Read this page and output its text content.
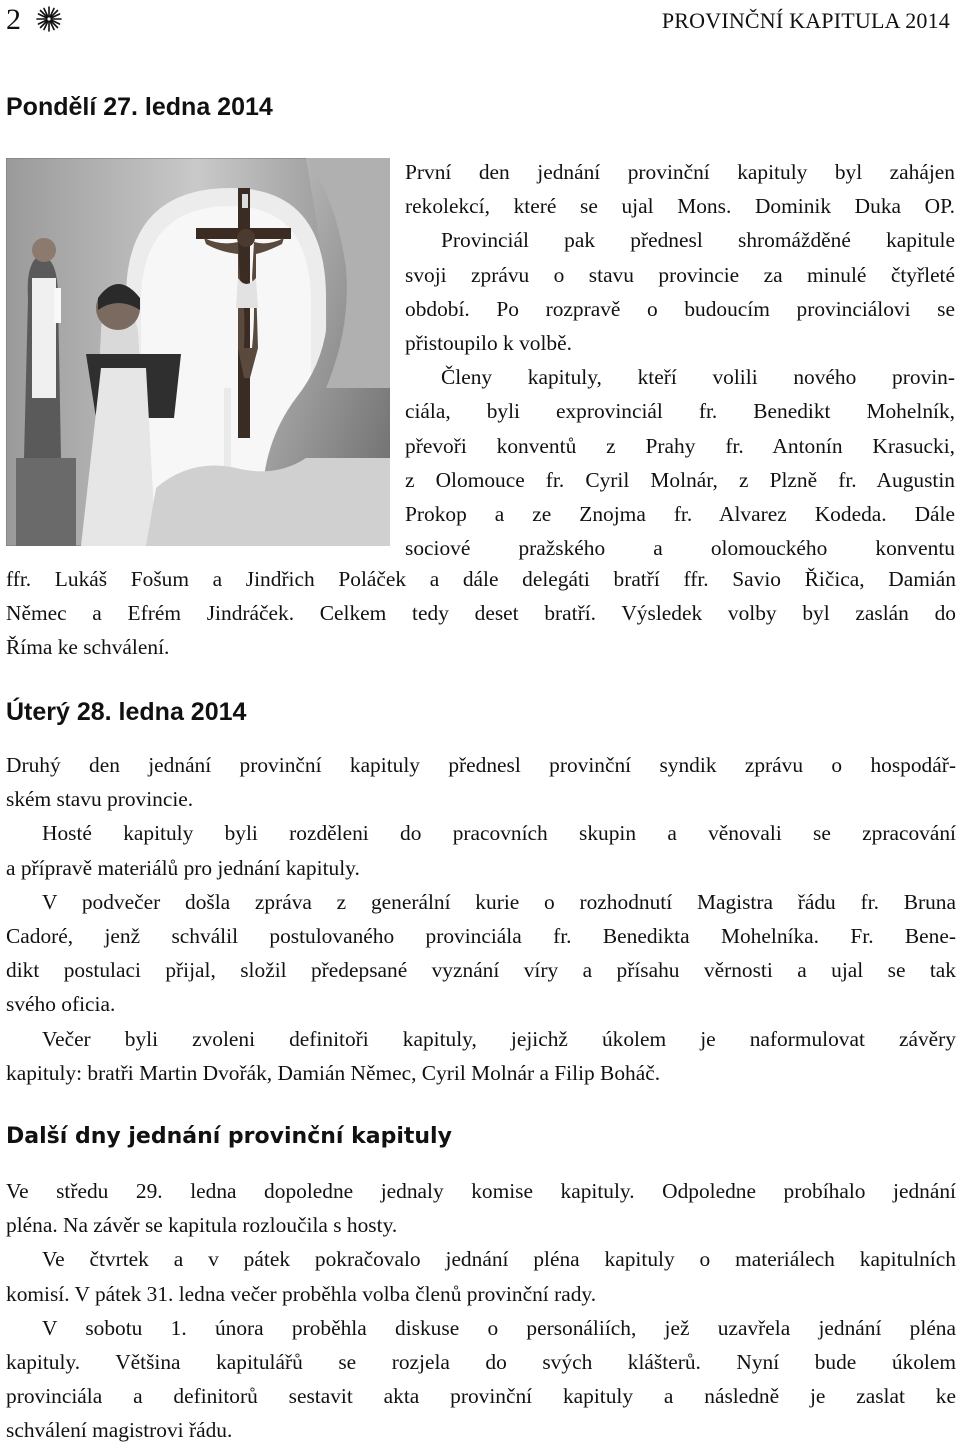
2	PROVINČNÍ KAPITULA 2014
Pondělí 27. ledna 2014
První den jednání provinční kapituly byl zahájen
rekolekcí, které se ujal Mons. Dominik Duka OP.
Provinciál pak přednesl shromážděné kapitule
svoji zprávu o stavu provincie za minulé čtyřleté
období. Po rozpravě o budoucím provinciálovi se
přistoupilo k volbě.
Členy kapituly, kteří volili nového provin-
ciála, byli exprovinciál fr. Benedikt Mohelník,
převoři konventů z Prahy fr. Antonín Krasucki,
z Olomouce fr. Cyril Molnár, z Plzně fr. Augustin
Prokop a ze Znojma fr. Alvarez Kodeda. Dále
sociové pražského a olomouckého konventu
ffr. Lukáš Fošum a Jindřich Poláček a dále delegáti bratří ffr. Savio Řičica, Damián
Němec a Efrém Jindráček. Celkem tedy deset bratří. Výsledek volby byl zaslán do
Říma ke schválení.
Úterý 28. ledna 2014
Druhý den jednání provinční kapituly přednesl provinční syndik zprávu o hospodář-
ském stavu provincie.
Hosté kapituly byli rozděleni do pracovních skupin a věnovali se zpracování
a přípravě materiálů pro jednání kapituly.
V podvečer došla zpráva z generální kurie o rozhodnutí Magistra řádu fr. Bruna
Cadoré, jenž schválil postulovaného provinciála fr. Benedikta Mohelníka. Fr. Bene-
dikt postulaci přijal, složil předepsané vyznání víry a přísahu věrnosti a ujal se tak
svého oficia.
Večer byli zvoleni definitoři kapituly, jejichž úkolem je naformulovat závěry
kapituly: bratři Martin Dvořák, Damián Němec, Cyril Molnár a Filip Boháč.
Další dny jednání provinční kapituly
Ve středu 29. ledna dopoledne jednaly komise kapituly. Odpoledne probíhalo jednání
pléna. Na závěr se kapitula rozloučila s hosty.
Ve čtvrtek a v pátek pokračovalo jednání pléna kapituly o materiálech kapitulních
komisí. V pátek 31. ledna večer proběhla volba členů provinční rady.
V sobotu 1. února proběhla diskuse o personáliích, jež uzavřela jednání pléna
kapituly. Většina kapitulářů se rozjela do svých klášterů. Nyní bude úkolem
provinciála a definitorů sestavit akta provinční kapituly a následně je zaslat ke
schválení magistrovi řádu.
